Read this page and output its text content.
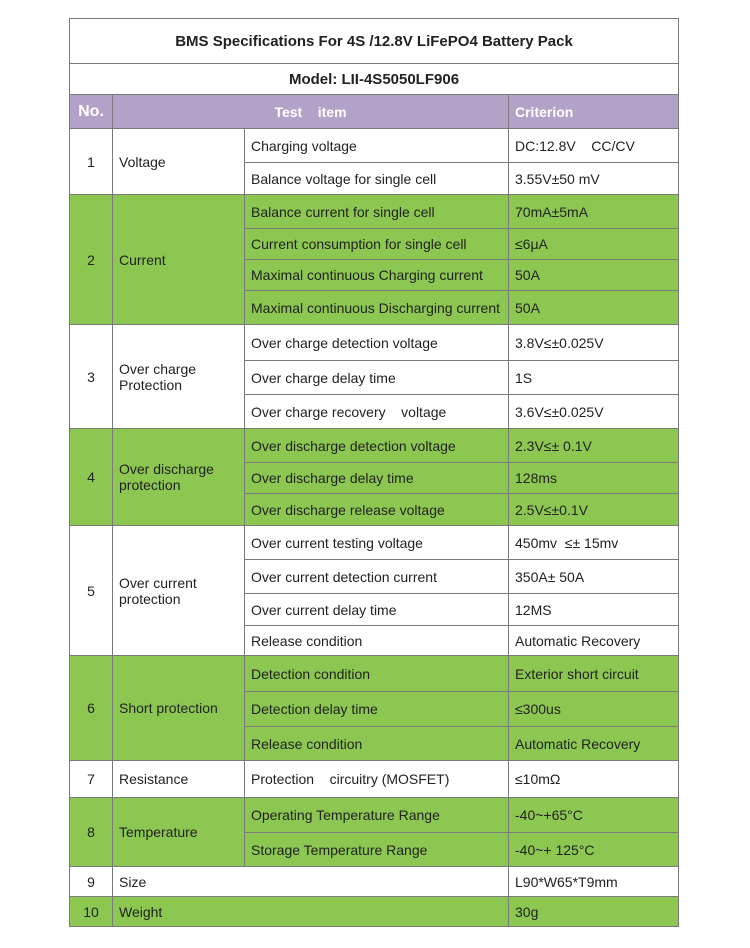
BMS Specifications For 4S /12.8V LiFePO4 Battery Pack			
Model: LII-4S5050LF906			
No.	Test    item		Criterion
1	Voltage	Charging voltage	DC:12.8V    CC/CV
		Balance voltage for single cell	3.55V±50 mV
2	Current	Balance current for single cell	70mA±5mA
		Current consumption for single cell	≤6μA
		Maximal continuous Charging current	50A
		Maximal continuous Discharging current	50A
3	Over charge Protection	Over charge detection voltage	3.8V≤±0.025V
		Over charge delay time	1S
		Over charge recovery    voltage	3.6V≤±0.025V
4	Over discharge protection	Over discharge detection voltage	2.3V≤± 0.1V
		Over discharge delay time	128ms
		Over discharge release voltage	2.5V≤±0.1V
5	Over current protection	Over current testing voltage	450mv  ≤± 15mv
		Over current detection current	350A± 50A
		Over current delay time	12MS
		Release condition	Automatic Recovery
6	Short protection	Detection condition	Exterior short circuit
		Detection delay time	≤300us
		Release condition	Automatic Recovery
7	Resistance	Protection    circuitry (MOSFET)	≤10mΩ
8	Temperature	Operating Temperature Range	-40~+65°C
		Storage Temperature Range	-40~+ 125°C
9	Size		L90*W65*T9mm
10	Weight		30g
